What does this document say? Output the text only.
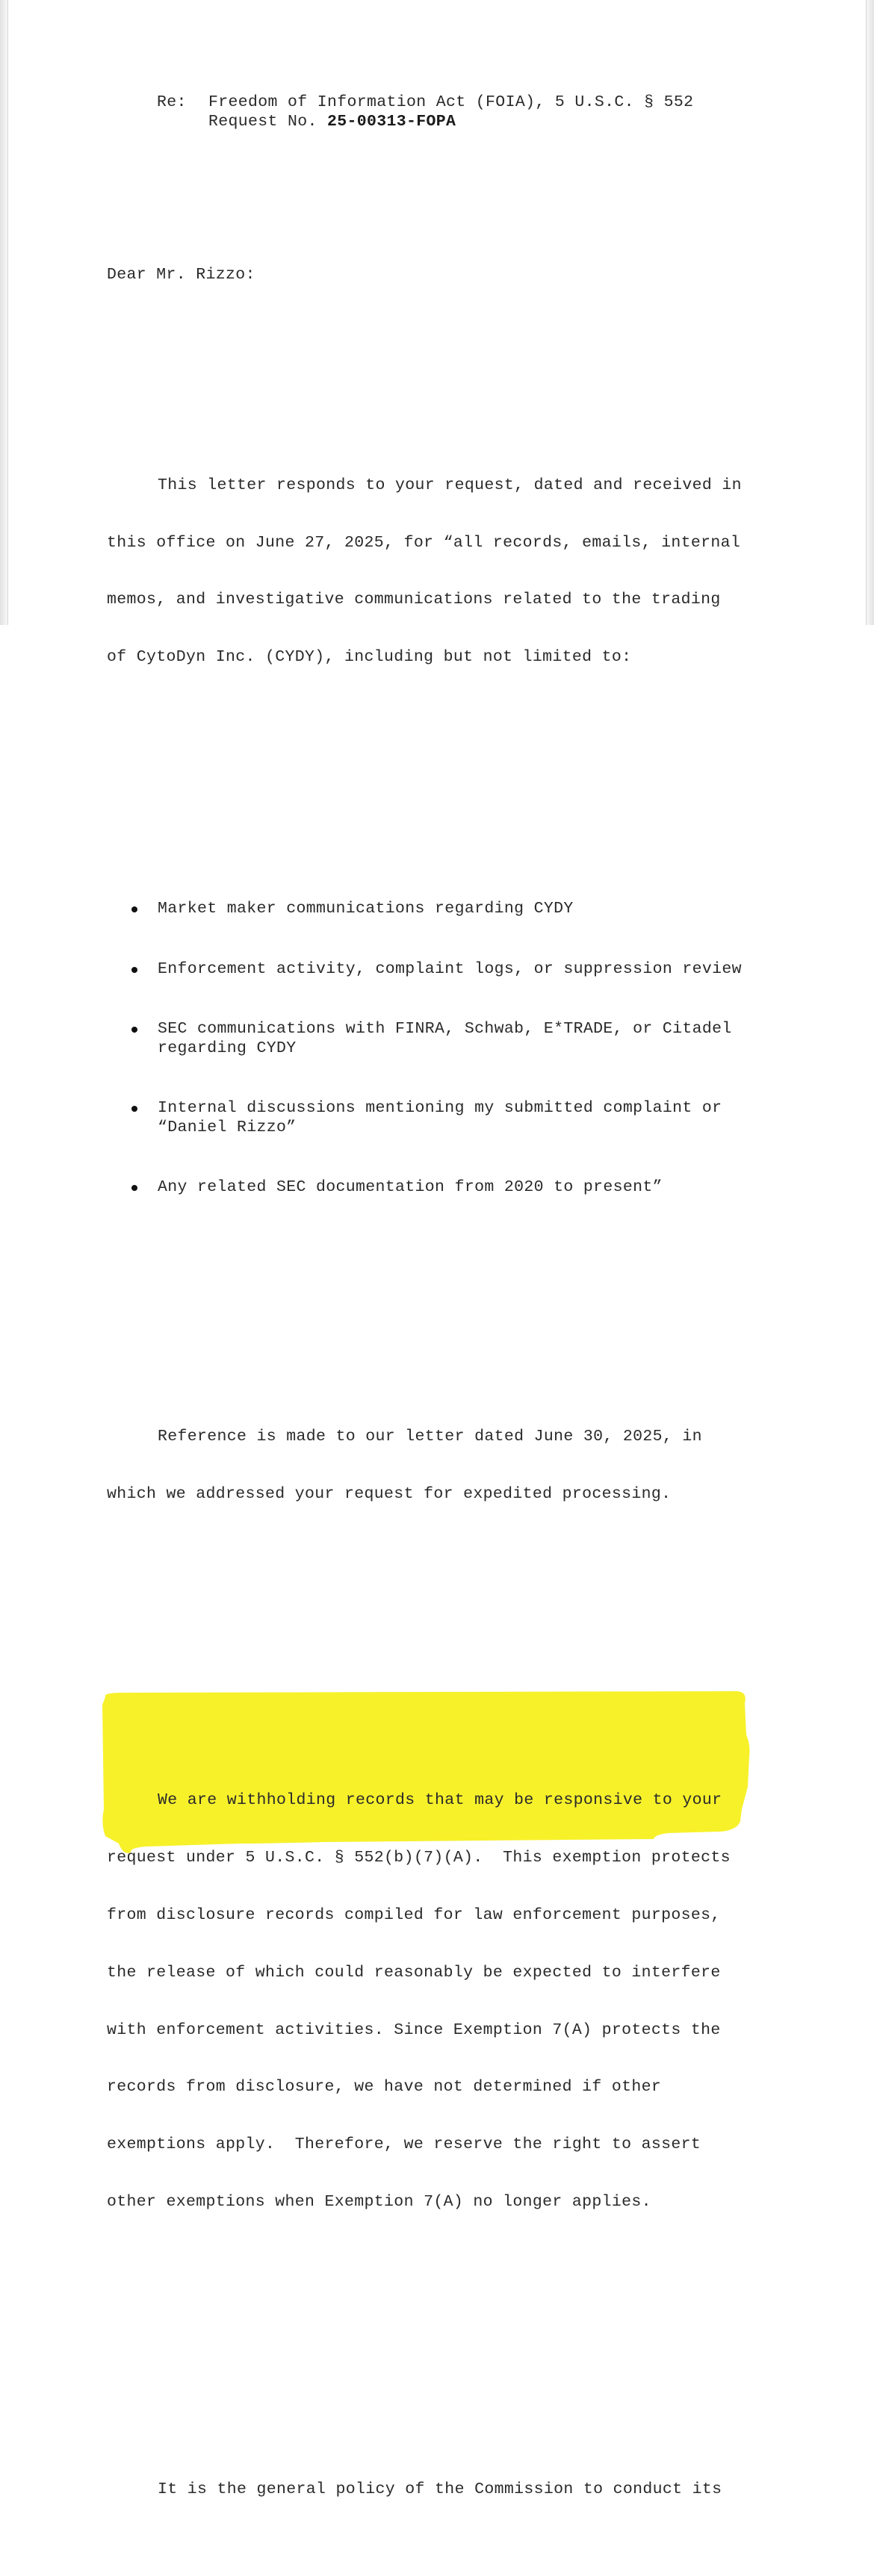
Re:

Freedom of Information Act (FOIA), 5 U.S.C. § 552

Request No. 25-00313-FOPA

Dear Mr. Rizzo:

This letter responds to your request, dated and received in

this office on June 27, 2025, for “all records, emails, internal

memos, and investigative communications related to the trading

of CytoDyn Inc. (CYDY), including but not limited to:

Market maker communications regarding CYDY

Enforcement activity, complaint logs, or suppression review

SEC communications with FINRA, Schwab, E*TRADE, or Citadel
regarding CYDY

Internal discussions mentioning my submitted complaint or
“Daniel Rizzo”

Any related SEC documentation from 2020 to present”

Reference is made to our letter dated June 30, 2025, in

which we addressed your request for expedited processing.

We are withholding records that may be responsive to your

request under 5 U.S.C. § 552(b)(7)(A).  This exemption protects

from disclosure records compiled for law enforcement purposes,

the release of which could reasonably be expected to interfere

with enforcement activities. Since Exemption 7(A) protects the

records from disclosure, we have not determined if other

exemptions apply.  Therefore, we reserve the right to assert

other exemptions when Exemption 7(A) no longer applies.

It is the general policy of the Commission to conduct its
